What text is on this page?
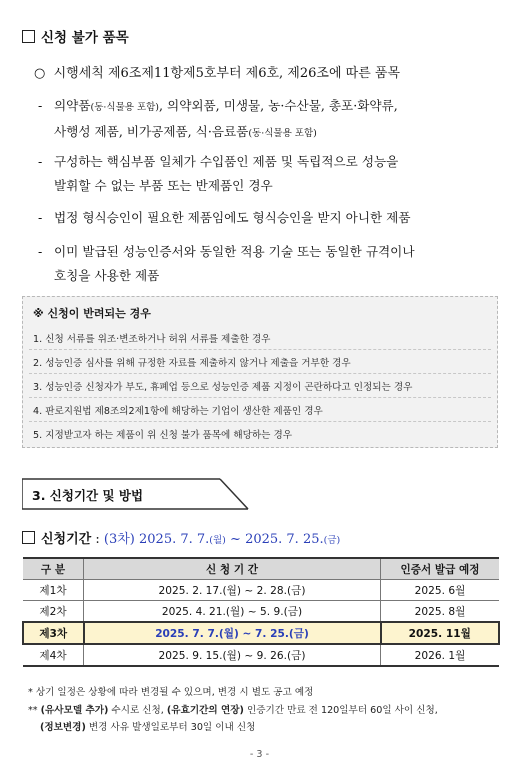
신청 불가 품목
○ 시행세칙 제6조제11항제5호부터 제6호, 제26조에 따른 품목
- 의약품(동·식물용 포함), 의약외품, 미생물, 농·수산물, 총포·화약류,
사행성 제품, 비가공제품, 식·음료품(동·식물용 포함)
- 구성하는 핵심부품 일체가 수입품인 제품 및 독립적으로 성능을
발휘할 수 없는 부품 또는 반제품인 경우
- 법정 형식승인이 필요한 제품임에도 형식승인을 받지 아니한 제품
- 이미 발급된 성능인증서와 동일한 적용 기술 또는 동일한 규격이나
호칭을 사용한 제품
※ 신청이 반려되는 경우
1. 신청 서류를 위조·변조하거나 허위 서류를 제출한 경우
2. 성능인증 심사를 위해 규정한 자료를 제출하지 않거나 제출을 거부한 경우
3. 성능인증 신청자가 부도, 휴폐업 등으로 성능인증 제품 지정이 곤란하다고 인정되는 경우
4. 판로지원법 제8조의2제1항에 해당하는 기업이 생산한 제품인 경우
5. 지정받고자 하는 제품이 위 신청 불가 품목에 해당하는 경우
3. 신청기간 및 방법
신청기간 : (3차) 2025. 7. 7.(월) ~ 2025. 7. 25.(금)
구 분	신 청 기 간	인증서 발급 예정
제1차	2025. 2. 17.(월) ~ 2. 28.(금)	2025. 6월
제2차	2025. 4. 21.(월) ~ 5. 9.(금)	2025. 8월
제3차	2025. 7. 7.(월) ~ 7. 25.(금)	2025. 11월
제4차	2025. 9. 15.(월) ~ 9. 26.(금)	2026. 1월
* 상기 일정은 상황에 따라 변경될 수 있으며, 변경 시 별도 공고 예정
** (유사모델 추가) 수시로 신청, (유효기간의 연장) 인증기간 만료 전 120일부터 60일 사이 신청,
(정보변경) 변경 사유 발생일로부터 30일 이내 신청
- 3 -
